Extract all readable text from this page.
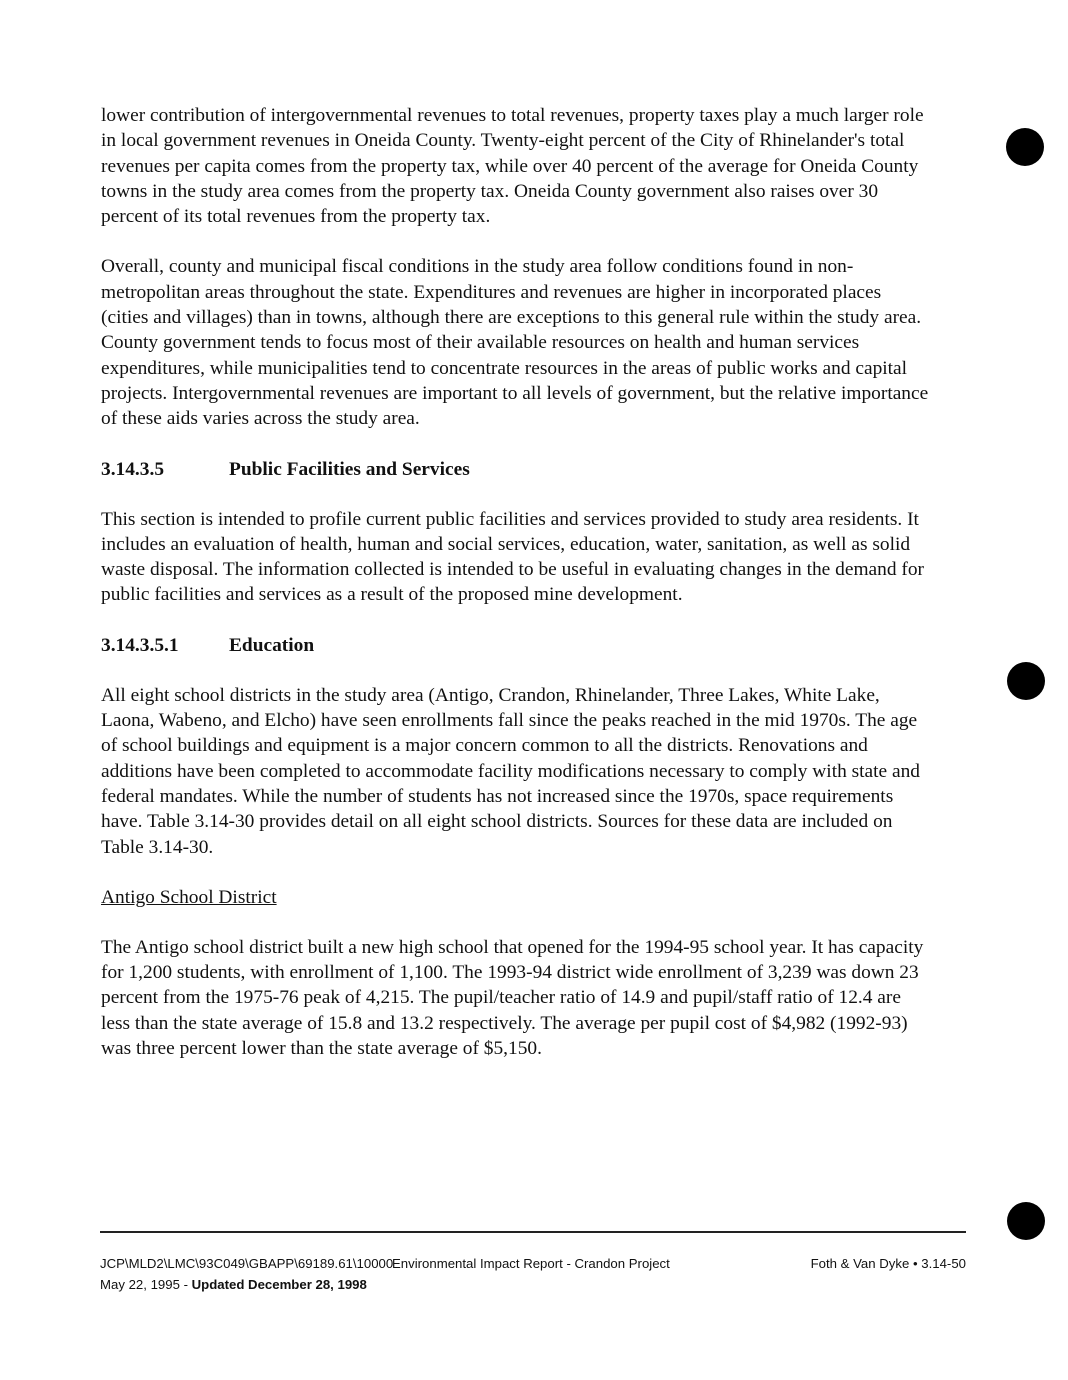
lower contribution of intergovernmental revenues to total revenues, property taxes play a much larger role in local government revenues in Oneida County. Twenty-eight percent of the City of Rhinelander's total revenues per capita comes from the property tax, while over 40 percent of the average for Oneida County towns in the study area comes from the property tax. Oneida County government also raises over 30 percent of its total revenues from the property tax.

Overall, county and municipal fiscal conditions in the study area follow conditions found in non-metropolitan areas throughout the state. Expenditures and revenues are higher in incorporated places (cities and villages) than in towns, although there are exceptions to this general rule within the study area. County government tends to focus most of their available resources on health and human services expenditures, while municipalities tend to concentrate resources in the areas of public works and capital projects. Intergovernmental revenues are important to all levels of government, but the relative importance of these aids varies across the study area.

3.14.3.5	Public Facilities and Services

This section is intended to profile current public facilities and services provided to study area residents. It includes an evaluation of health, human and social services, education, water, sanitation, as well as solid waste disposal. The information collected is intended to be useful in evaluating changes in the demand for public facilities and services as a result of the proposed mine development.

3.14.3.5.1	Education

All eight school districts in the study area (Antigo, Crandon, Rhinelander, Three Lakes, White Lake, Laona, Wabeno, and Elcho) have seen enrollments fall since the peaks reached in the mid 1970s. The age of school buildings and equipment is a major concern common to all the districts. Renovations and additions have been completed to accommodate facility modifications necessary to comply with state and federal mandates. While the number of students has not increased since the 1970s, space requirements have. Table 3.14-30 provides detail on all eight school districts. Sources for these data are included on Table 3.14-30.

Antigo School District

The Antigo school district built a new high school that opened for the 1994-95 school year. It has capacity for 1,200 students, with enrollment of 1,100. The 1993-94 district wide enrollment of 3,239 was down 23 percent from the 1975-76 peak of 4,215. The pupil/teacher ratio of 14.9 and pupil/staff ratio of 12.4 are less than the state average of 15.8 and 13.2 respectively. The average per pupil cost of $4,982 (1992-93) was three percent lower than the state average of $5,150.

JCP\MLD2\LMC\93C049\GBAPP\69189.61\10000
Environmental Impact Report - Crandon Project	Foth & Van Dyke • 3.14-50
May 22, 1995 - Updated December 28, 1998
